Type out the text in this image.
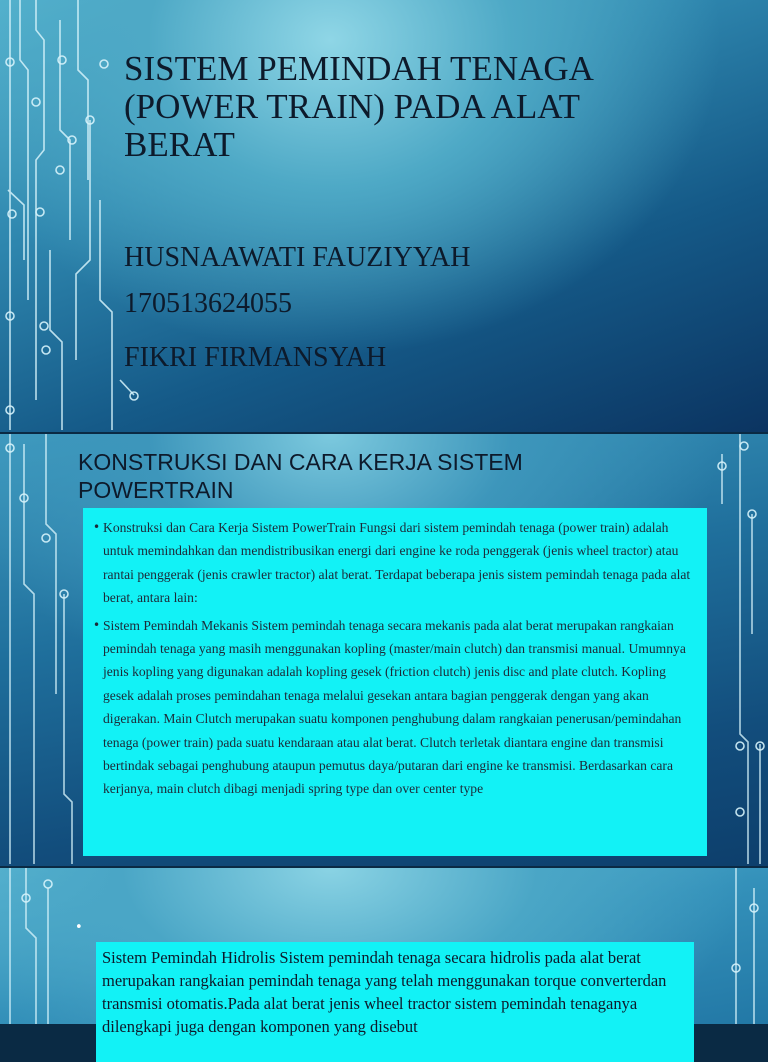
SISTEM PEMINDAH TENAGA (POWER TRAIN) PADA ALAT BERAT

HUSNAAWATI FAUZIYYAH

170513624055

FIKRI FIRMANSYAH

KONSTRUKSI DAN CARA KERJA SISTEM POWERTRAIN
• Konstruksi dan Cara Kerja Sistem PowerTrain Fungsi dari sistem pemindah tenaga (power train) adalah untuk memindahkan dan mendistribusikan energi dari engine ke roda penggerak (jenis wheel tractor) atau rantai penggerak (jenis crawler tractor) alat berat. Terdapat beberapa jenis sistem pemindah tenaga pada alat berat, antara lain:
• Sistem Pemindah Mekanis Sistem pemindah tenaga secara mekanis pada alat berat merupakan rangkaian pemindah tenaga yang masih menggunakan kopling (master/main clutch) dan transmisi manual. Umumnya jenis kopling yang digunakan adalah kopling gesek (friction clutch) jenis disc and plate clutch. Kopling gesek adalah proses pemindahan tenaga melalui gesekan antara bagian penggerak dengan yang akan digerakan. Main Clutch merupakan suatu komponen penghubung dalam rangkaian penerusan/pemindahan tenaga (power train) pada suatu kendaraan atau alat berat. Clutch terletak diantara engine dan transmisi bertindak sebagai penghubung ataupun pemutus daya/putaran dari engine ke transmisi. Berdasarkan cara kerjanya, main clutch dibagi menjadi spring type dan over center type
•
Sistem Pemindah Hidrolis Sistem pemindah tenaga secara hidrolis pada alat berat merupakan rangkaian pemindah tenaga yang telah menggunakan torque converterdan transmisi otomatis.Pada alat berat jenis wheel tractor sistem pemindah tenaganya dilengkapi juga dengan komponen yang disebut
